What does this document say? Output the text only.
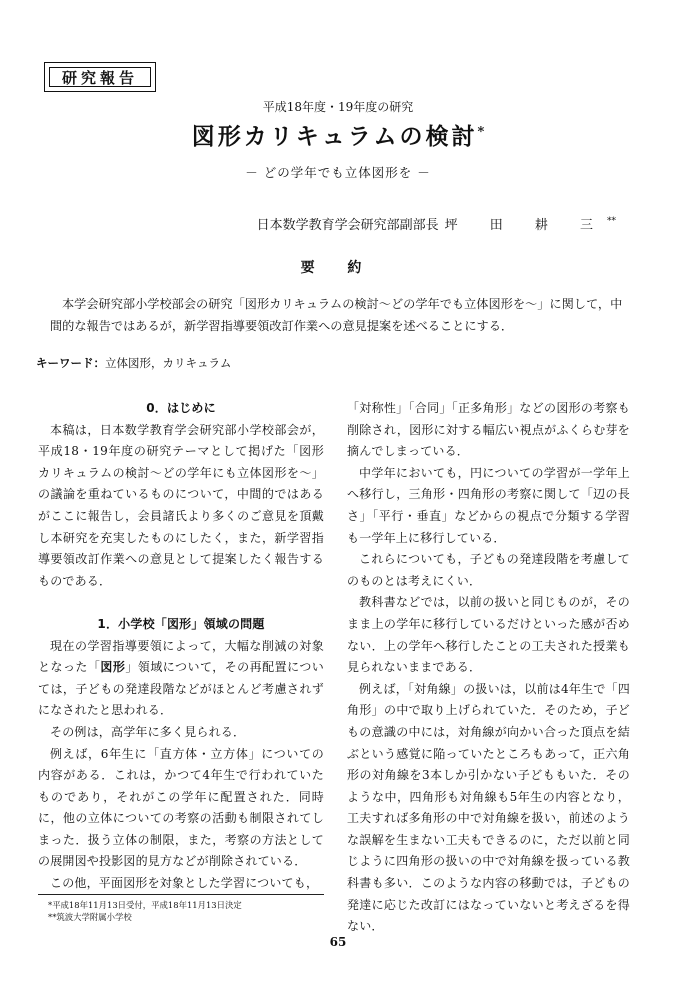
研究報告
平成18年度・19年度の研究
図形カリキュラムの検討*
－ どの学年でも立体図形を －
日本数学教育学会研究部副部長 坪 田 耕 三**
要 約
本学会研究部小学校部会の研究「図形カリキュラムの検討～どの学年でも立体図形を～」に関して，中間的な報告ではあるが，新学習指導要領改訂作業への意見提案を述べることにする．
キーワード：立体図形，カリキュラム
0．はじめに

本稿は，日本数学教育学会研究部小学校部会が，平成18・19年度の研究テーマとして掲げた「図形カリキュラムの検討～どの学年にも立体図形を～」の議論を重ねているものについて，中間的ではあるがここに報告し，会員諸氏より多くのご意見を頂戴し本研究を充実したものにしたく，また，新学習指導要領改訂作業への意見として提案したく報告するものである．

1．小学校「図形」領域の問題

現在の学習指導要領によって，大幅な削減の対象となった「図形」領域について，その再配置については，子どもの発達段階などがほとんど考慮されずになされたと思われる．

その例は，高学年に多く見られる．

例えば，6年生に「直方体・立方体」についての内容がある．これは，かつて4年生で行われていたものであり，それがこの学年に配置された．同時に，他の立体についての考察の活動も制限されてしまった．扱う立体の制限，また，考察の方法としての展開図や投影図的見方などが削除されている．

この他，平面図形を対象とした学習についても，

「対称性」「合同」「正多角形」などの図形の考察も削除され，図形に対する幅広い視点がふくらむ芽を摘んでしまっている．

中学年においても，円についての学習が一学年上へ移行し，三角形・四角形の考察に関して「辺の長さ」「平行・垂直」などからの視点で分類する学習も一学年上に移行している．

これらについても，子どもの発達段階を考慮してのものとは考えにくい．

教科書などでは，以前の扱いと同じものが，そのまま上の学年に移行しているだけといった感が否めない．上の学年へ移行したことの工夫された授業も見られないままである．

例えば，「対角線」の扱いは，以前は4年生で「四角形」の中で取り上げられていた．そのため，子どもの意識の中には，対角線が向かい合った頂点を結ぶという感覚に陥っていたところもあって，正六角形の対角線を3本しか引かない子どももいた．そのような中，四角形も対角線も5年生の内容となり，工夫すれば多角形の中で対角線を扱い，前述のような誤解を生まない工夫もできるのに，ただ以前と同じように四角形の扱いの中で対角線を扱っている教科書も多い．このような内容の移動では，子どもの発達に応じた改訂にはなっていないと考えざるを得ない．

*平成18年11月13日受付，平成18年11月13日決定
**筑波大学附属小学校
65
